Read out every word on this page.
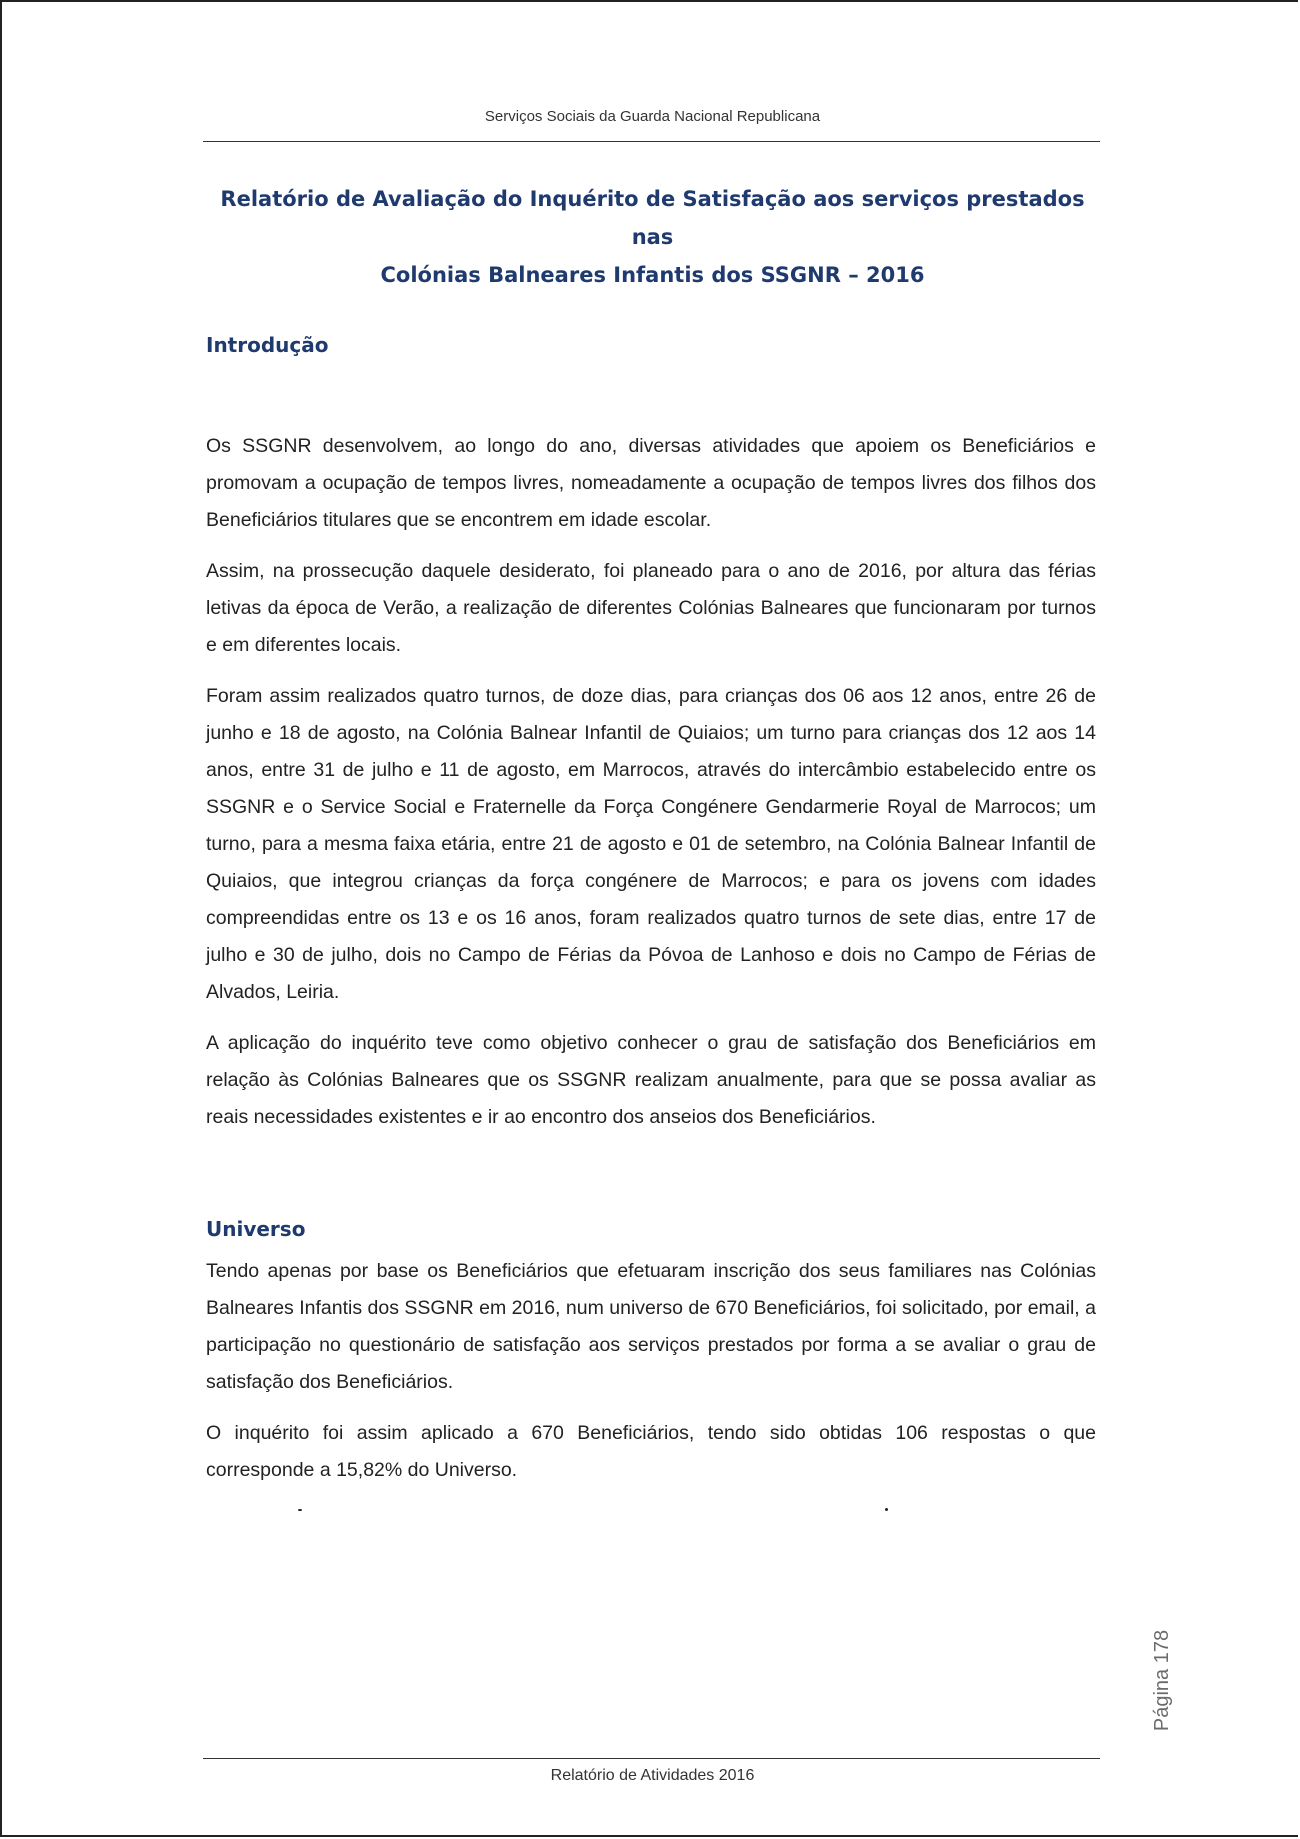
Serviços Sociais da Guarda Nacional Republicana
Relatório de Avaliação do Inquérito de Satisfação aos serviços prestados nas
Colónias Balneares Infantis dos SSGNR – 2016
Introdução

Os SSGNR desenvolvem, ao longo do ano, diversas atividades que apoiem os Beneficiários e promovam a ocupação de tempos livres, nomeadamente a ocupação de tempos livres dos filhos dos Beneficiários titulares que se encontrem em idade escolar.

Assim, na prossecução daquele desiderato, foi planeado para o ano de 2016, por altura das férias letivas da época de Verão, a realização de diferentes Colónias Balneares que funcionaram por turnos e em diferentes locais.

Foram assim realizados quatro turnos, de doze dias, para crianças dos 06 aos 12 anos, entre 26 de junho e 18 de agosto, na Colónia Balnear Infantil de Quiaios; um turno para crianças dos 12 aos 14 anos, entre 31 de julho e 11 de agosto, em Marrocos, através do intercâmbio estabelecido entre os SSGNR e o Service Social e Fraternelle da Força Congénere Gendarmerie Royal de Marrocos; um turno, para a mesma faixa etária, entre 21 de agosto e 01 de setembro, na Colónia Balnear Infantil de Quiaios, que integrou crianças da força congénere de Marrocos; e para os jovens com idades compreendidas entre os 13 e os 16 anos, foram realizados quatro turnos de sete dias, entre 17 de julho e 30 de julho, dois no Campo de Férias da Póvoa de Lanhoso e dois no Campo de Férias de Alvados, Leiria.

A aplicação do inquérito teve como objetivo conhecer o grau de satisfação dos Beneficiários em relação às Colónias Balneares que os SSGNR realizam anualmente, para que se possa avaliar as reais necessidades existentes e ir ao encontro dos anseios dos Beneficiários.

Universo

Tendo apenas por base os Beneficiários que efetuaram inscrição dos seus familiares nas Colónias Balneares Infantis dos SSGNR em 2016, num universo de 670 Beneficiários, foi solicitado, por email, a participação no questionário de satisfação aos serviços prestados por forma a se avaliar o grau de satisfação dos Beneficiários.

O inquérito foi assim aplicado a 670 Beneficiários, tendo sido obtidas 106 respostas o que corresponde a 15,82% do Universo.

Página 178
Relatório de Atividades 2016
